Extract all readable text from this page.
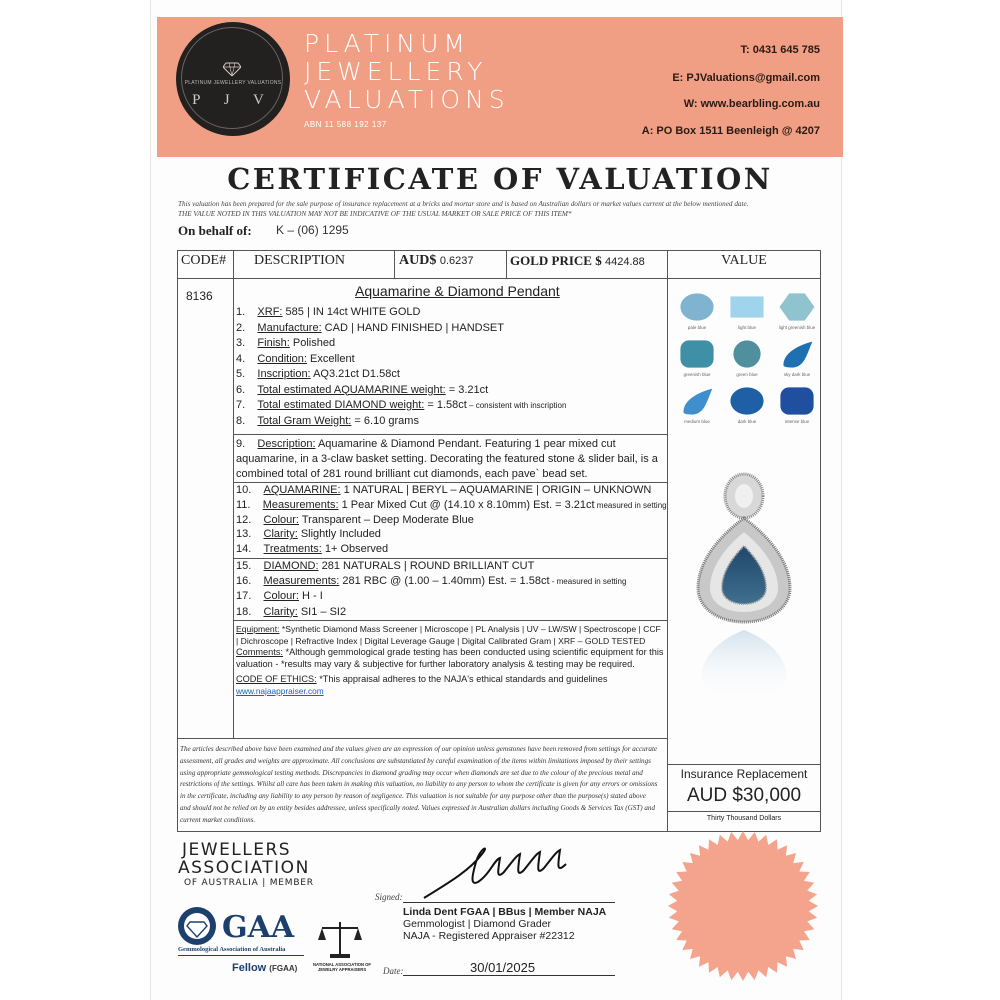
PLATINUM JEWELLERY VALUATIONS
P J V
PLATINUM
JEWELLERY
VALUATIONS
ABN 11 588 192 137
T: 0431 645 785
E: PJValuations@gmail.com
W: www.bearbling.com.au
A: PO Box 1511 Beenleigh @ 4207
CERTIFICATE OF VALUATION
This valuation has been prepared for the sale purpose of insurance replacement at a bricks and mortar store and is based on Australian dollars or market values current at the below mentioned date.
THE VALUE NOTED IN THIS VALUATION MAY NOT BE INDICATIVE OF THE USUAL MARKET OR SALE PRICE OF THIS ITEM*
On behalf of: K – (06) 1295
CODE# DESCRIPTION	AUD$ 0.6237	GOLD PRICE $ 4424.88	VALUE
8136	Aquamarine & Diamond Pendant
1. XRF: 585 | IN 14ct WHITE GOLD
2. Manufacture: CAD | HAND FINISHED | HANDSET
3. Finish: Polished
4. Condition: Excellent
5. Inscription: AQ3.21ct D1.58ct
6. Total estimated AQUAMARINE weight: = 3.21ct
7. Total estimated DIAMOND weight: = 1.58ct – consistent with inscription
8. Total Gram Weight: = 6.10 grams
9. Description: Aquamarine & Diamond Pendant. Featuring 1 pear mixed cut aquamarine, in a 3-claw basket setting. Decorating the featured stone & slider bail, is a combined total of 281 round brilliant cut diamonds, each pave` bead set.
10. AQUAMARINE: 1 NATURAL | BERYL – AQUAMARINE | ORIGIN – UNKNOWN
11. Measurements: 1 Pear Mixed Cut @ (14.10 x 8.10mm) Est. = 3.21ct measured in setting
12. Colour: Transparent – Deep Moderate Blue
13. Clarity: Slightly Included
14. Treatments: 1+ Observed
15. DIAMOND: 281 NATURALS | ROUND BRILLIANT CUT
16. Measurements: 281 RBC @ (1.00 – 1.40mm) Est. = 1.58ct - measured in setting
17. Colour: H - I
18. Clarity: SI1 – SI2
Equipment: *Synthetic Diamond Mass Screener | Microscope | PL Analysis | UV – LW/SW | Spectroscope | CCF | Dichroscope | Refractive Index | Digital Leverage Gauge | Digital Calibrated Gram | XRF – GOLD TESTED
Comments: *Although gemmological grade testing has been conducted using scientific equipment for this valuation - *results may vary & subjective for further laboratory analysis & testing may be required.
CODE OF ETHICS: *This appraisal adheres to the NAJA's ethical standards and guidelines
www.najaappraiser.com
pale blue	light blue	light greenish blue
greenish blue	green blue	sky dark blue
medium blue	dark blue	intense blue
The articles described above have been examined and the values given are an expression of our opinion unless gemstones have been removed from settings for accurate assessment, all grades and weights are approximate. All conclusions are substantiated by careful examination of the items within limitations imposed by their settings using appropriate gemmological testing methods. Discrepancies in diamond grading may occur when diamonds are set due to the colour of the precious metal and restrictions of the settings. Whilst all care has been taken in making this valuation, no liability to any person to whom the certificate is given for any errors or omissions in the certificate, including any liability to any person by reason of negligence. This valuation is not suitable for any purpose other than the purpose(s) stated above and should not be relied on by an entity besides addressee, unless specifically noted. Values expressed in Australian dollars including Goods & Services Tax (GST) and current market conditions.
Insurance Replacement
AUD $30,000
Thirty Thousand Dollars
JEWELLERS
ASSOCIATION
OF AUSTRALIA | MEMBER
GAA
Gemmological Association of Australia
Fellow (FGAA)	NATIONAL ASSOCIATION OF JEWELRY APPRAISERS
Signed:
Linda Dent FGAA | BBus | Member NAJA
Gemmologist | Diamond Grader
NAJA - Registered Appraiser #22312
Date:	30/01/2025
